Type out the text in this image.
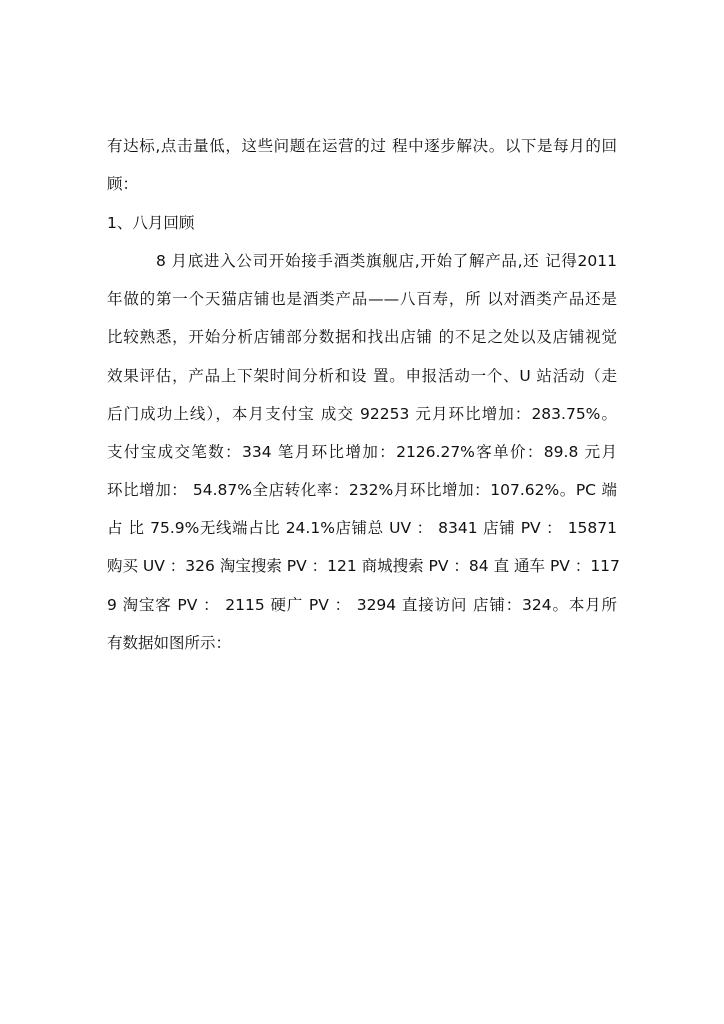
有达标,点击量低，这些问题在运营的过 程中逐步解决。以下是每月的回
顾：
1、八月回顾
8 月底进入公司开始接手酒类旗舰店,开始了解产品,还 记得2011
年做的第一个天猫店铺也是酒类产品——八百寿，所 以对酒类产品还是
比较熟悉，开始分析店铺部分数据和找出店铺 的不足之处以及店铺视觉
效果评估，产品上下架时间分析和设 置。申报活动一个、U 站活动（走
后门成功上线），本月支付宝 成交 92253 元月环比增加：283.75%。
支付宝成交笔数：334 笔月环比增加：2126.27%客单价：89.8 元月
环比增加： 54.87%全店转化率：232%月环比增加：107.62%。PC 端
占 比 75.9%无线端占比 24.1%店铺总 UV ： 8341 店铺 PV ： 15871
购买 UV ：326 淘宝搜索 PV ：121 商城搜索 PV ：84 直 通车 PV ：117
9 淘宝客 PV ： 2115 硬广 PV ： 3294 直接访问 店铺：324。本月所
有数据如图所示：
